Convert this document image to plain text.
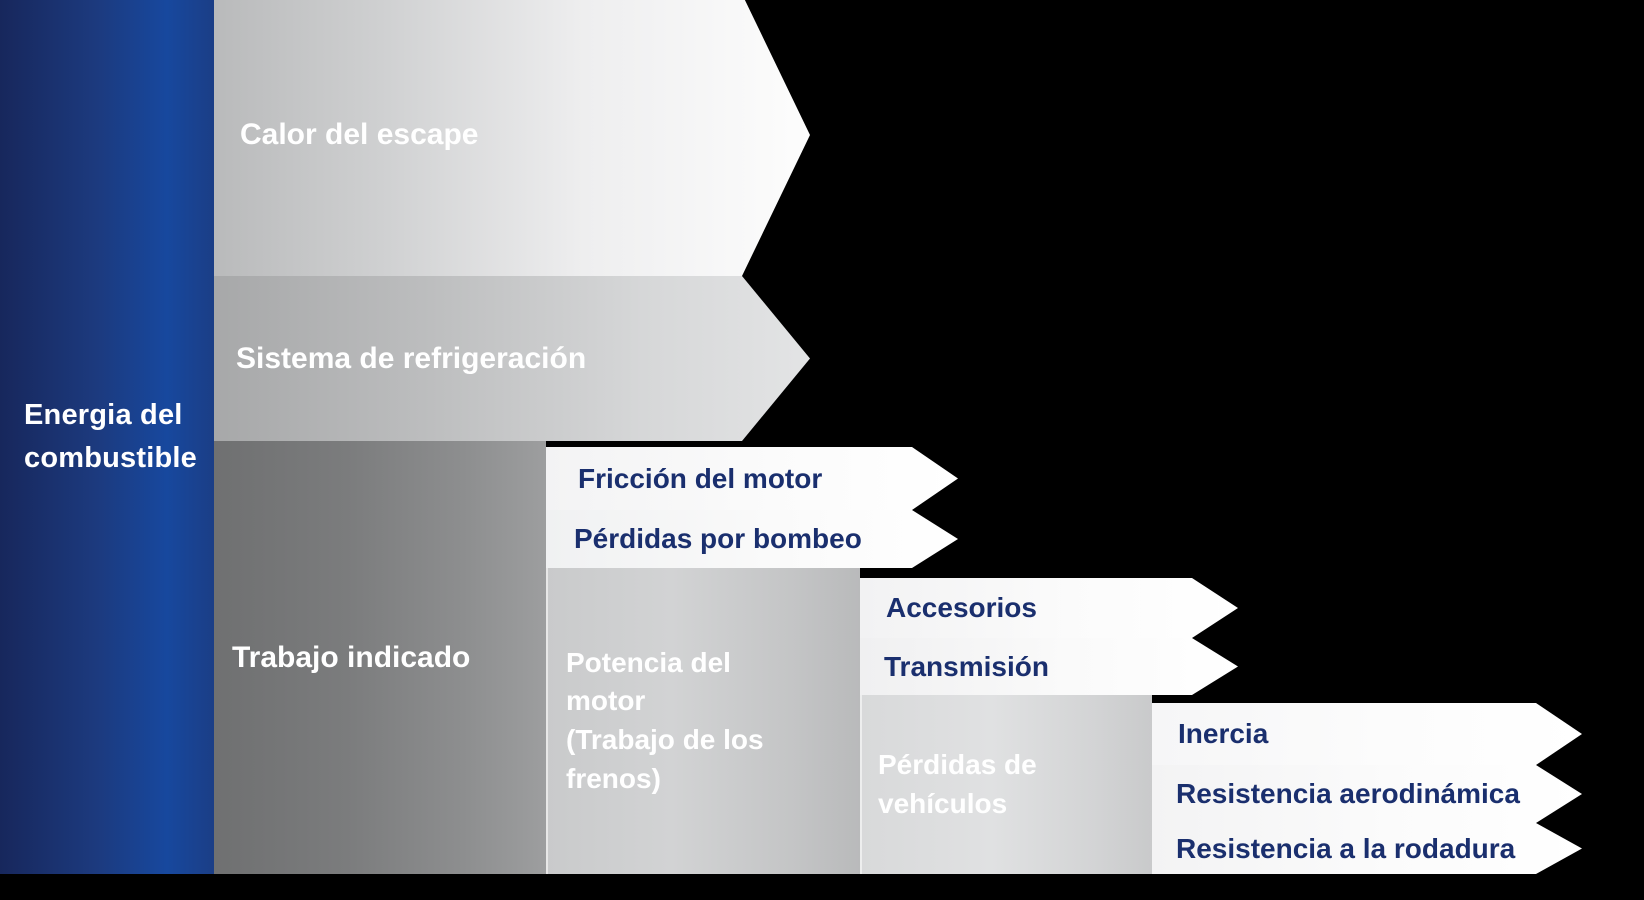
Energia del combustible
Calor del escape
Sistema de refrigeración
Trabajo indicado
Fricción del motor
Pérdidas por bombeo
Potencia del
motor
(Trabajo de los
frenos)
Accesorios
Transmisión
Pérdidas de
vehículos
Inercia
Resistencia aerodinámica
Resistencia a la rodadura
